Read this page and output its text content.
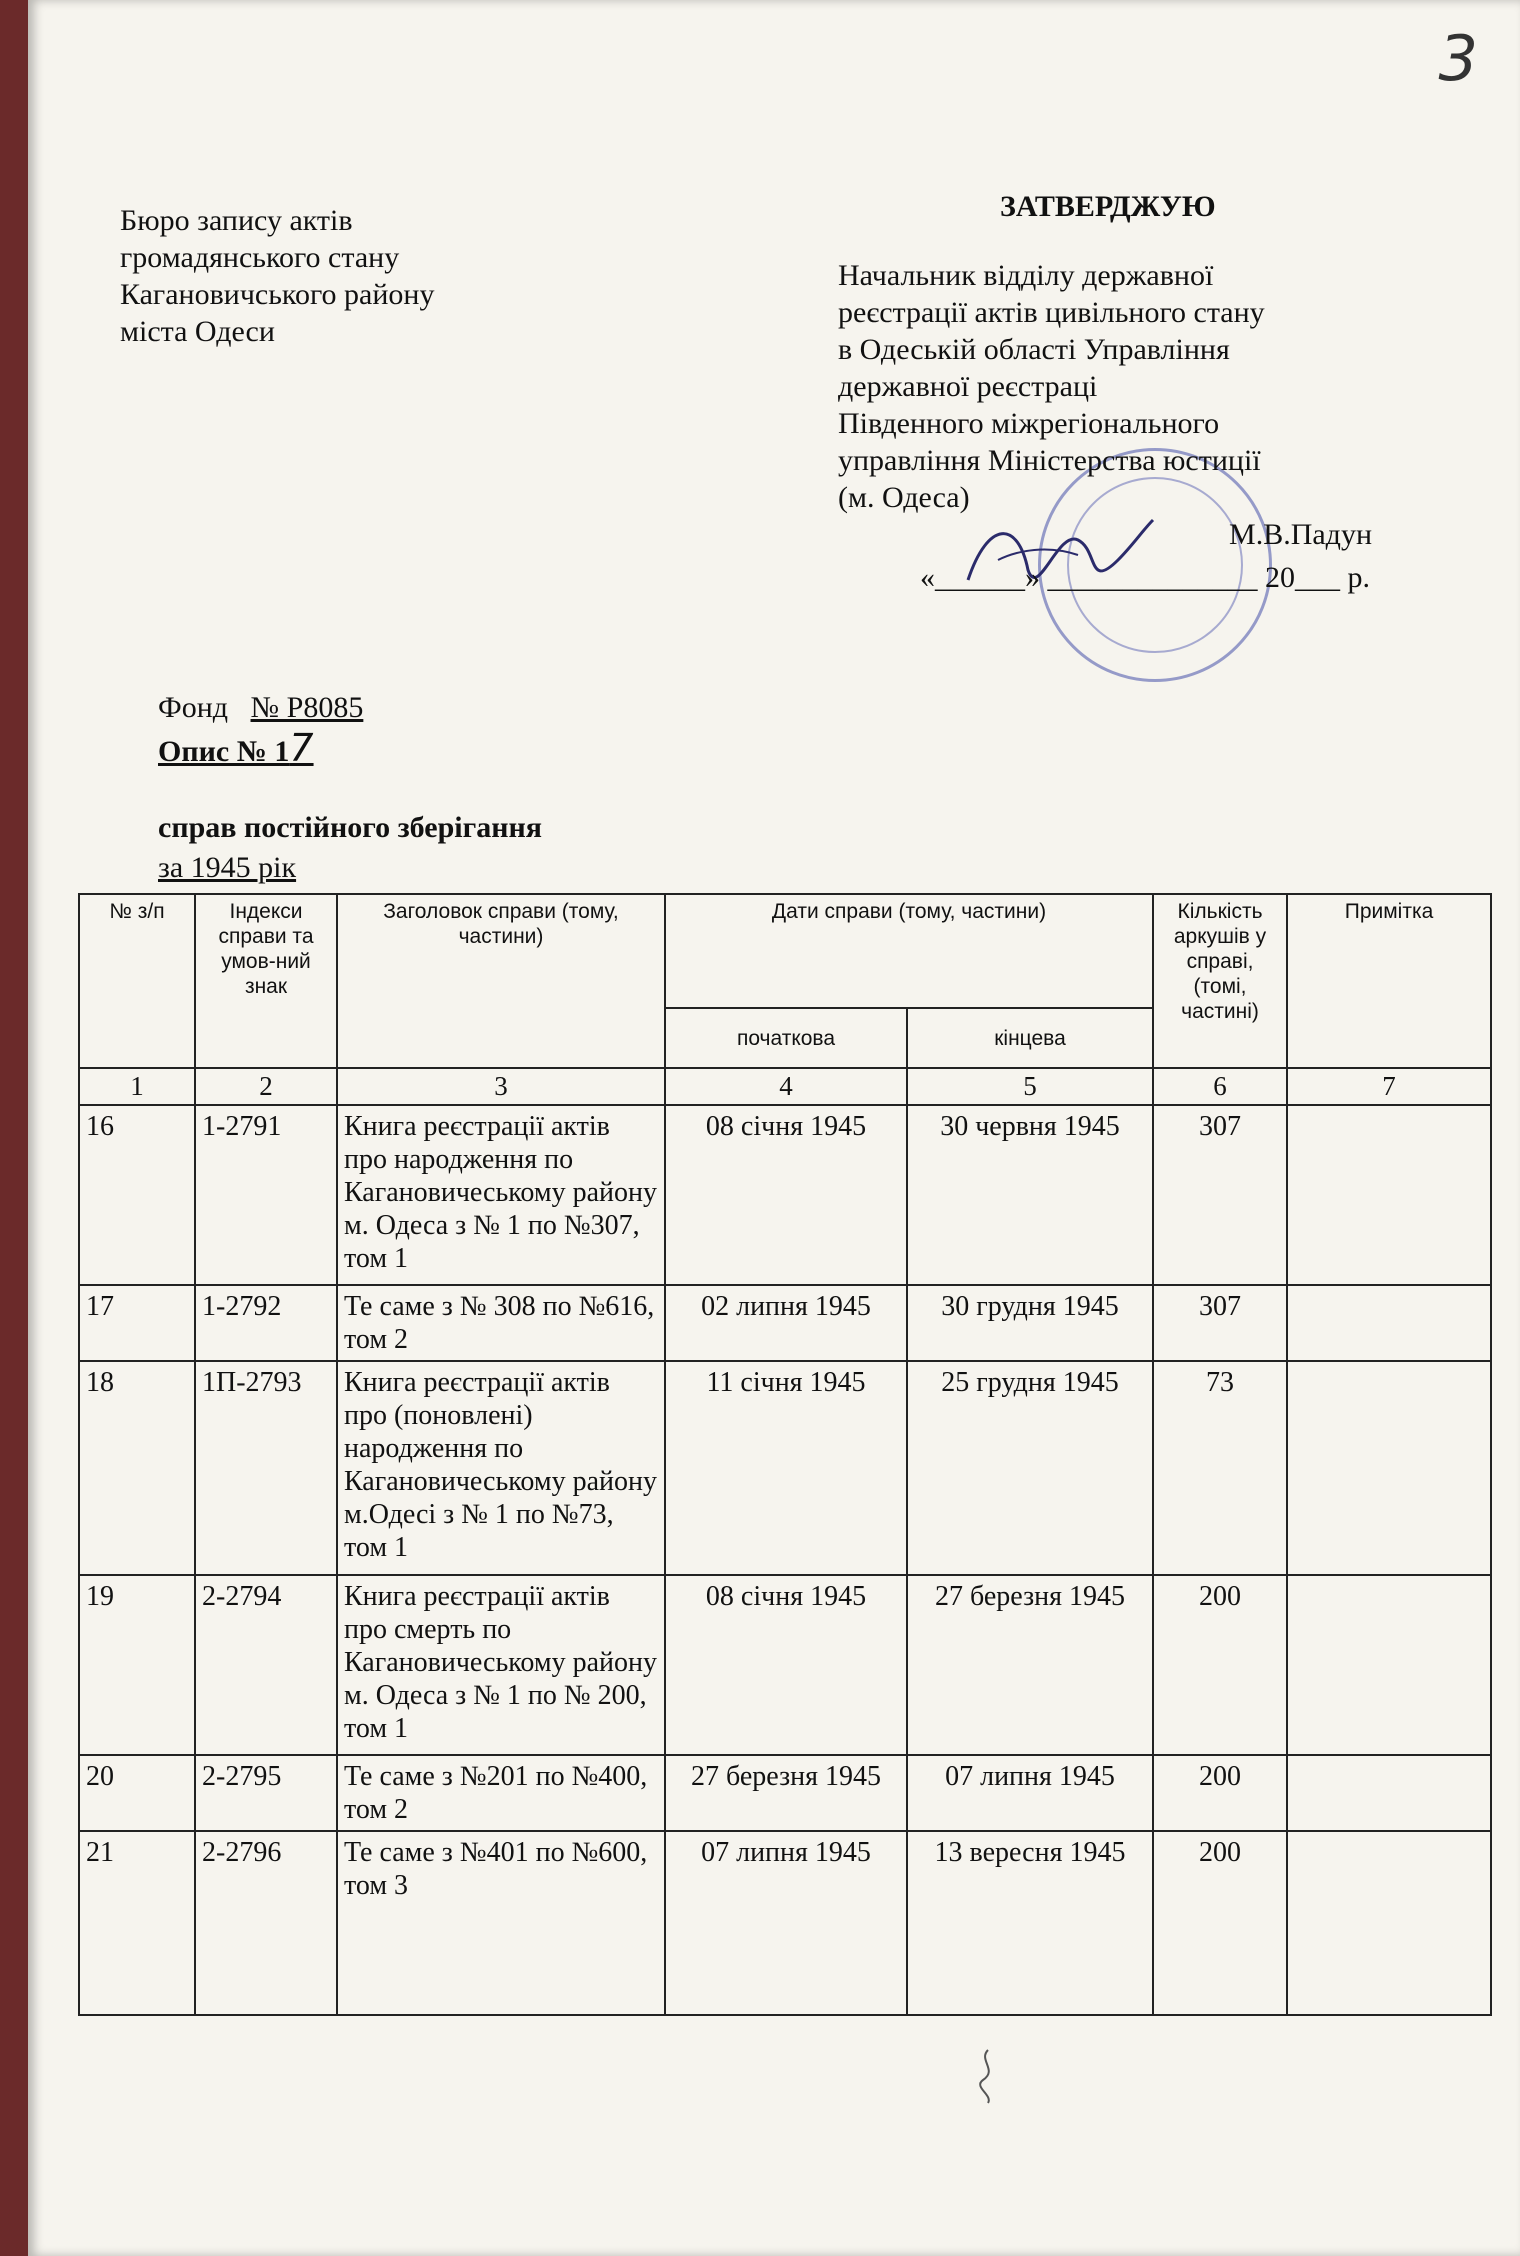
3
Бюро запису актів
громадянського стану
Кагановичського району
міста Одеси
ЗАТВЕРДЖУЮ
Начальник відділу державної
реєстрації актів цивільного стану
в Одеській області Управління
державної реєстраці
Південного міжрегіонального
управління Міністерства юстиції
(м. Одеса)
М.В.Падун
«______» ______________ 20___ р.
Фонд № Р8085
Опис № 17
справ постійного зберігання
за 1945 рік
№ з/п	Індекси справи та умов-ний знак	Заголовок справи (тому, частини)	Дати справи (тому, частини)		Кількість аркушів у справі, (томі, частині)	Примітка
			початкова	кінцева		
1	2	3	4	5	6	7
16	1-2791	Книга реєстрації актів про народження по Кагановичеському району м. Одеса з № 1 по №307, том 1	08 січня 1945	30 червня 1945	307	
17	1-2792	Те саме з № 308 по №616, том 2	02 липня 1945	30 грудня 1945	307	
18	1П-2793	Книга реєстрації актів про (поновлені) народження по Кагановичеському району м.Одесі з № 1 по №73, том 1	11 січня 1945	25 грудня 1945	73	
19	2-2794	Книга реєстрації актів про смерть по Кагановичеському району м. Одеса з № 1 по № 200, том 1	08 січня 1945	27 березня 1945	200	
20	2-2795	Те саме з №201 по №400, том 2	27 березня 1945	07 липня 1945	200	
21	2-2796	Те саме з №401 по №600, том 3	07 липня 1945	13 вересня 1945	200	
